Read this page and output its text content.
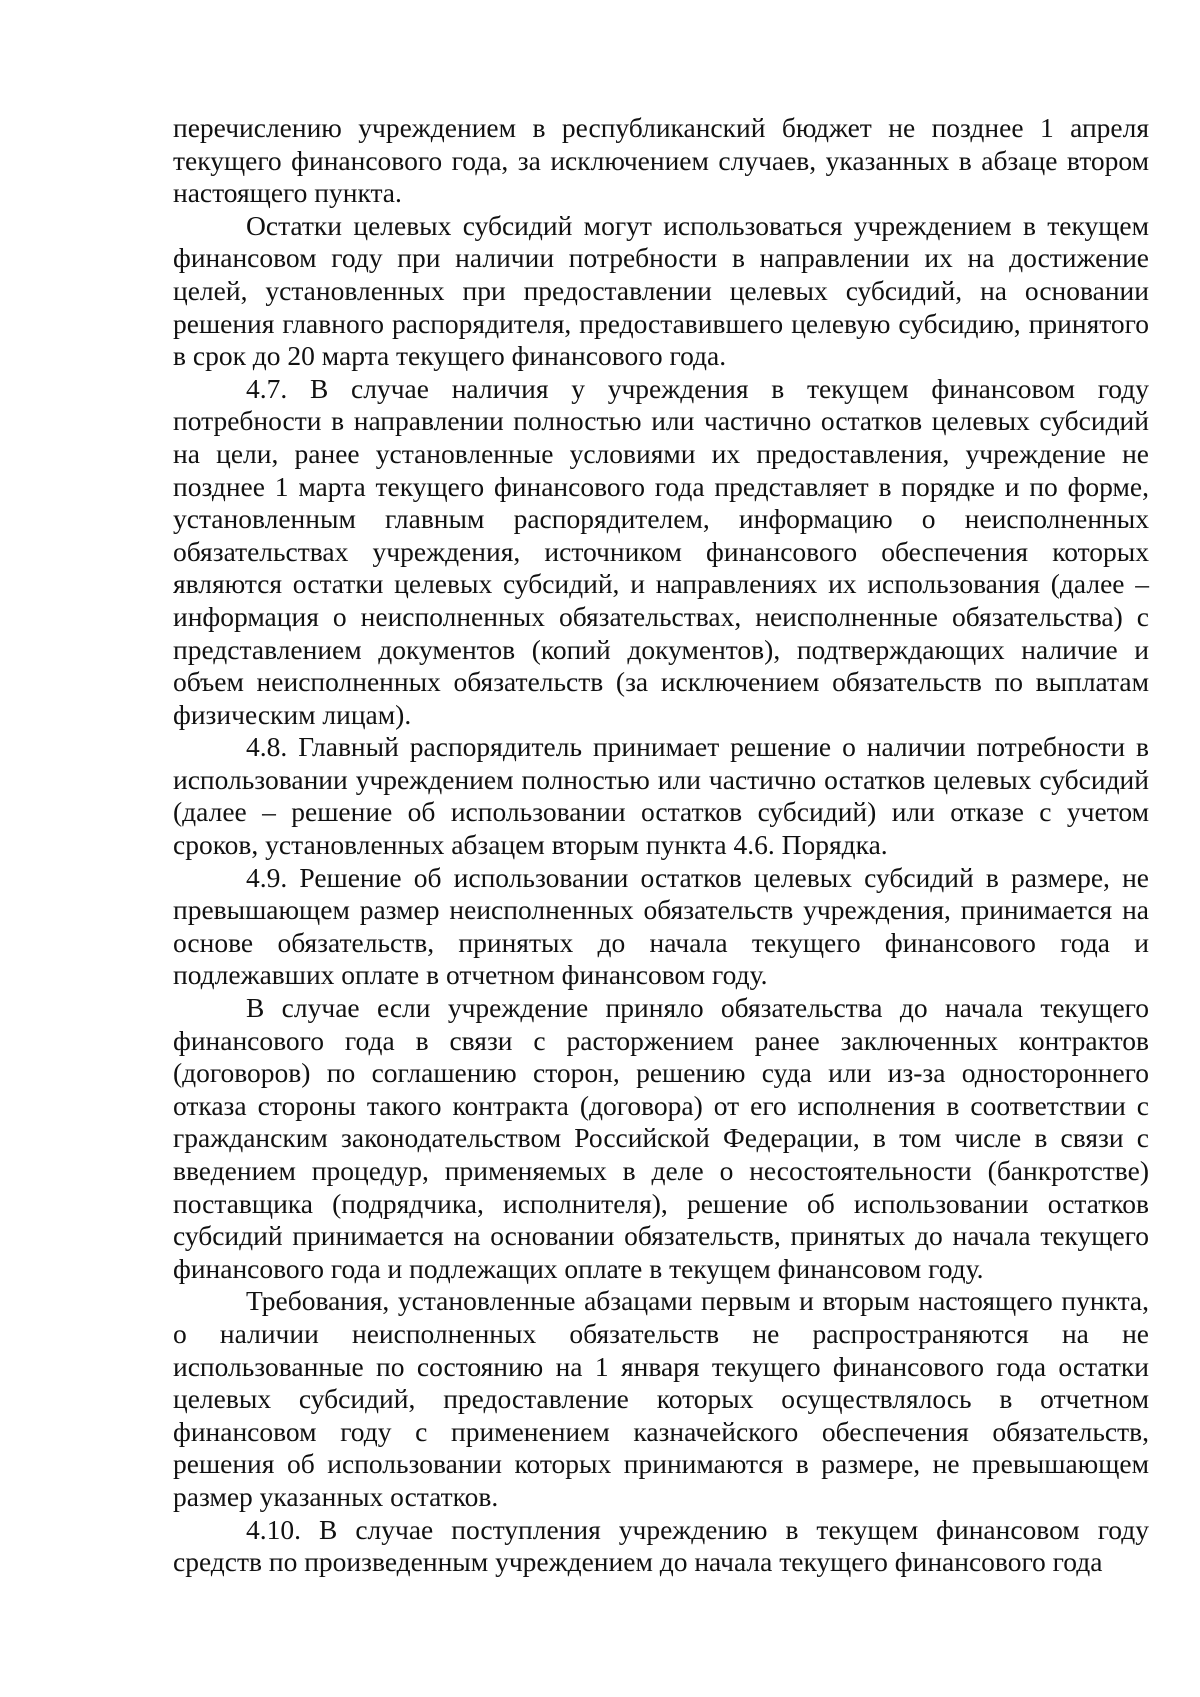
перечислению учреждением в республиканский бюджет не позднее 1 апреля текущего финансового года, за исключением случаев, указанных в абзаце втором настоящего пункта.

Остатки целевых субсидий могут использоваться учреждением в текущем финансовом году при наличии потребности в направлении их на достижение целей, установленных при предоставлении целевых субсидий, на основании решения главного распорядителя, предоставившего целевую субсидию, принятого в срок до 20 марта текущего финансового года.

4.7. В случае наличия у учреждения в текущем финансовом году потребности в направлении полностью или частично остатков целевых субсидий на цели, ранее установленные условиями их предоставления, учреждение не позднее 1 марта текущего финансового года представляет в порядке и по форме, установленным главным распорядителем, информацию о неисполненных обязательствах учреждения, источником финансового обеспечения которых являются остатки целевых субсидий, и направлениях их использования (далее – информация о неисполненных обязательствах, неисполненные обязательства) с представлением документов (копий документов), подтверждающих наличие и объем неисполненных обязательств (за исключением обязательств по выплатам физическим лицам).

4.8. Главный распорядитель принимает решение о наличии потребности в использовании учреждением полностью или частично остатков целевых субсидий (далее – решение об использовании остатков субсидий) или отказе с учетом сроков, установленных абзацем вторым пункта 4.6. Порядка.

4.9. Решение об использовании остатков целевых субсидий в размере, не превышающем размер неисполненных обязательств учреждения, принимается на основе обязательств, принятых до начала текущего финансового года и подлежавших оплате в отчетном финансовом году.

В случае если учреждение приняло обязательства до начала текущего финансового года в связи с расторжением ранее заключенных контрактов (договоров) по соглашению сторон, решению суда или из-за одностороннего отказа стороны такого контракта (договора) от его исполнения в соответствии с гражданским законодательством Российской Федерации, в том числе в связи с введением процедур, применяемых в деле о несостоятельности (банкротстве) поставщика (подрядчика, исполнителя), решение об использовании остатков субсидий принимается на основании обязательств, принятых до начала текущего финансового года и подлежащих оплате в текущем финансовом году.

Требования, установленные абзацами первым и вторым настоящего пункта, о наличии неисполненных обязательств не распространяются на не использованные по состоянию на 1 января текущего финансового года остатки целевых субсидий, предоставление которых осуществлялось в отчетном финансовом году с применением казначейского обеспечения обязательств, решения об использовании которых принимаются в размере, не превышающем размер указанных остатков.

4.10. В случае поступления учреждению в текущем финансовом году средств по произведенным учреждением до начала текущего финансового года
